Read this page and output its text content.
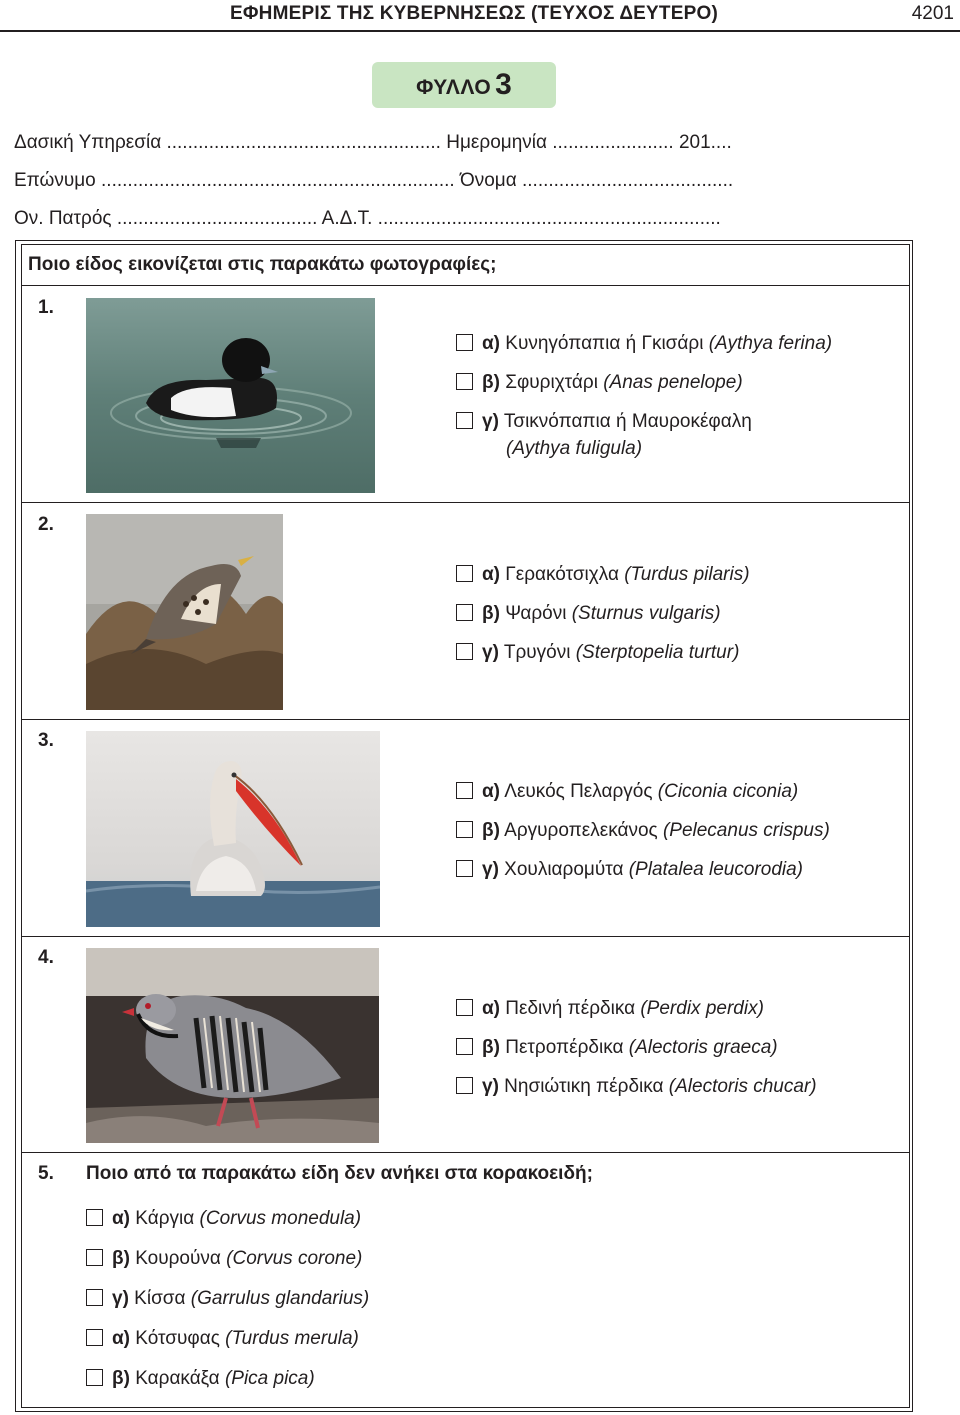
ΕΦΗΜΕΡΙΣ ΤΗΣ ΚΥΒΕΡΝΗΣΕΩΣ (ΤΕΥΧΟΣ ΔΕΥΤΕΡΟ)	4201
ΦΥΛΛΟ 3
Δασική Υπηρεσία .................................................... Ημερομηνία ....................... 201....
Επώνυμο ................................................................... Όνομα ........................................
Ον. Πατρός ...................................... Α.Δ.Τ. .................................................................
Ποιο είδος εικονίζεται στις παρακάτω φωτογραφίες;
1.
α) Κυνηγόπαπια ή Γκισάρι (Aythya ferina)
β) Σφυριχτάρι (Anas penelope)
γ) Τσικνόπαπια ή Μαυροκέφαλη
(Aythya fuligula)
2.
α) Γερακότσιχλα (Turdus pilaris)
β) Ψαρόνι (Sturnus vulgaris)
γ) Τρυγόνι (Sterptopelia turtur)
3.
α) Λευκός Πελαργός (Ciconia ciconia)
β) Αργυροπελεκάνος (Pelecanus crispus)
γ) Χουλιαρομύτα (Platalea leucorodia)
4.
α) Πεδινή πέρδικα (Perdix perdix)
β) Πετροπέρδικα (Alectoris graeca)
γ) Νησιώτικη πέρδικα (Alectoris chucar)
5. Ποιο από τα παρακάτω είδη δεν ανήκει στα κορακοειδή;
α) Κάργια (Corvus monedula)
β) Κουρούνα (Corvus corone)
γ) Κίσσα (Garrulus glandarius)
α) Κότσυφας (Turdus merula)
β) Καρακάξα (Pica pica)
